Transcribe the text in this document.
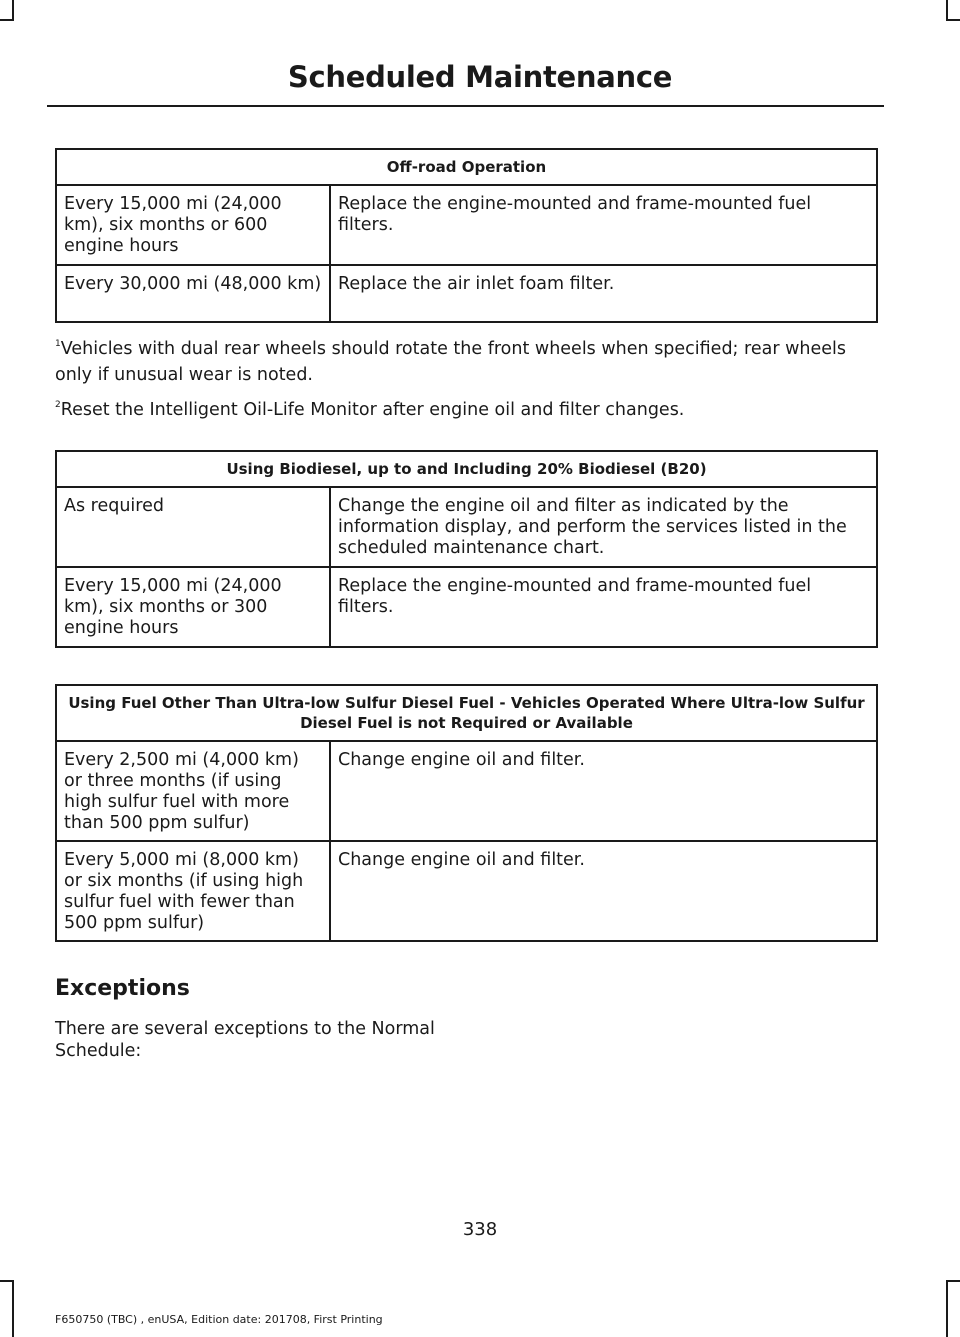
Scheduled Maintenance
Off-road Operation	
Every 15,000 mi (24,000 km), six months or 600 engine hours	Replace the engine-mounted and frame-mounted fuel filters.
Every 30,000 mi (48,000 km)	Replace the air inlet foam filter.

$^1$Vehicles with dual rear wheels should rotate the front wheels when specified; rear wheels only if unusual wear is noted.

$^2$Reset the Intelligent Oil-Life Monitor after engine oil and filter changes.

Using Biodiesel, up to and Including 20% Biodiesel (B20)	
As required	Change the engine oil and filter as indicated by the information display, and perform the services listed in the scheduled maintenance chart.
Every 15,000 mi (24,000 km), six months or 300 engine hours	Replace the engine-mounted and frame-mounted fuel filters.
Using Fuel Other Than Ultra-low Sulfur Diesel Fuel - Vehicles Operated Where Ultra-low Sulfur Diesel Fuel is not Required or Available	
Every 2,500 mi (4,000 km) or three months (if using high sulfur fuel with more than 500 ppm sulfur)	Change engine oil and filter.
Every 5,000 mi (8,000 km) or six months (if using high sulfur fuel with fewer than 500 ppm sulfur)	Change engine oil and filter.
Exceptions
There are several exceptions to the Normal Schedule:
338
F650750 (TBC) , enUSA, Edition date: 201708, First Printing
